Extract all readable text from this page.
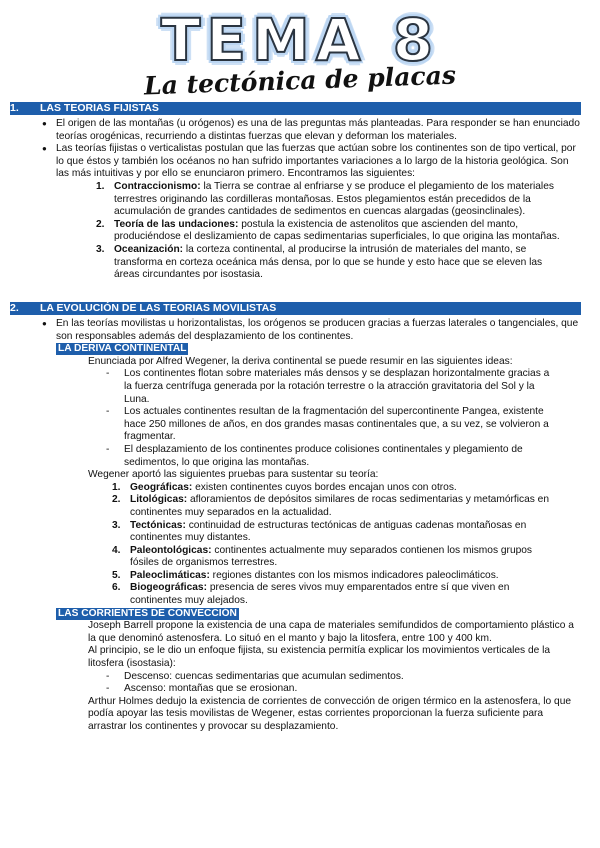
TEMA 8
La tectónica de placas
1. LAS TEORIAS FIJISTAS
● El origen de las montañas (u orógenos) es una de las preguntas más planteadas. Para responder se han enunciado teorías orogénicas, recurriendo a distintas fuerzas que elevan y deforman los materiales.
● Las teorías fijistas o verticalistas postulan que las fuerzas que actúan sobre los continentes son de tipo vertical, por lo que éstos y también los océanos no han sufrido importantes variaciones a lo largo de la historia geológica. Son las más intuitivas y por ello se enunciaron primero. Encontramos las siguientes:
1. Contraccionismo: la Tierra se contrae al enfriarse y se produce el plegamiento de los materiales terrestres originando las cordilleras montañosas. Estos plegamientos están precedidos de la acumulación de grandes cantidades de sedimentos en cuencas alargadas (geosinclinales).
2. Teoría de las undaciones: postula la existencia de astenolitos que ascienden del manto, produciéndose el deslizamiento de capas sedimentarias superficiales, lo que origina las montañas.
3. Oceanización: la corteza continental, al producirse la intrusión de materiales del manto, se transforma en corteza oceánica más densa, por lo que se hunde y esto hace que se eleven las áreas circundantes por isostasia.
2. LA EVOLUCIÓN DE LAS TEORIAS MOVILISTAS
● En las teorías movilistas u horizontalistas, los orógenos se producen gracias a fuerzas laterales o tangenciales, que son responsables además del desplazamiento de los continentes.
LA DERIVA CONTINENTAL
Enunciada por Alfred Wegener, la deriva continental se puede resumir en las siguientes ideas:
- Los continentes flotan sobre materiales más densos y se desplazan horizontalmente gracias a la fuerza centrífuga generada por la rotación terrestre o la atracción gravitatoria del Sol y la Luna.
- Los actuales continentes resultan de la fragmentación del supercontinente Pangea, existente hace 250 millones de años, en dos grandes masas continentales que, a su vez, se volvieron a fragmentar.
- El desplazamiento de los continentes produce colisiones continentales y plegamiento de sedimentos, lo que origina las montañas.
Wegener aportó las siguientes pruebas para sustentar su teoría:
1. Geográficas: existen continentes cuyos bordes encajan unos con otros.
2. Litológicas: afloramientos de depósitos similares de rocas sedimentarias y metamórficas en continentes muy separados en la actualidad.
3. Tectónicas: continuidad de estructuras tectónicas de antiguas cadenas montañosas en continentes muy distantes.
4. Paleontológicas: continentes actualmente muy separados contienen los mismos grupos fósiles de organismos terrestres.
5. Paleoclimáticas: regiones distantes con los mismos indicadores paleoclimáticos.
6. Biogeográficas: presencia de seres vivos muy emparentados entre sí que viven en continentes muy alejados.
LAS CORRIENTES DE CONVECCIÓN
Joseph Barrell propone la existencia de una capa de materiales semifundidos de comportamiento plástico a la que denominó astenosfera. Lo situó en el manto y bajo la litosfera, entre 100 y 400 km.
Al principio, se le dio un enfoque fijista, su existencia permitía explicar los movimientos verticales de la litosfera (isostasia):
- Descenso: cuencas sedimentarias que acumulan sedimentos.
- Ascenso: montañas que se erosionan.
Arthur Holmes dedujo la existencia de corrientes de convección de origen térmico en la astenosfera, lo que podía apoyar las tesis movilistas de Wegener, estas corrientes proporcionan la fuerza suficiente para arrastrar los continentes y provocar su desplazamiento.
